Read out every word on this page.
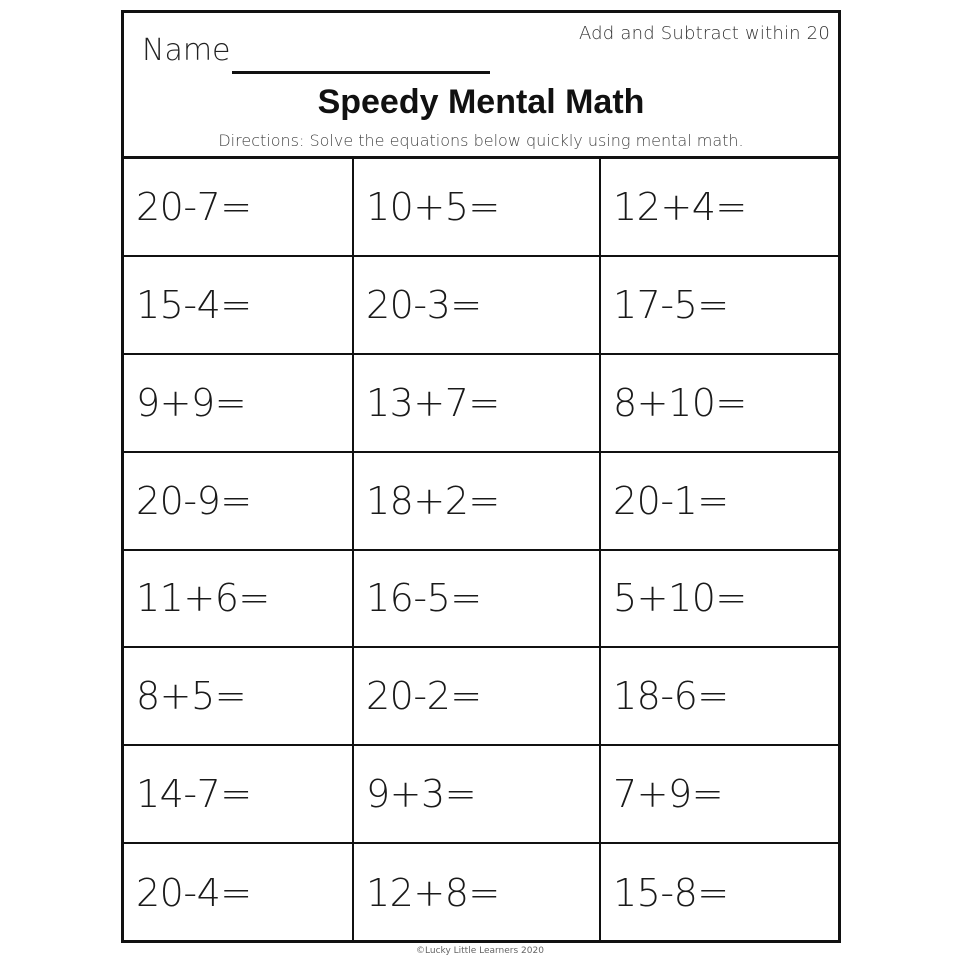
Add and Subtract within 20
Name
Speedy Mental Math
Directions: Solve the equations below quickly using mental math.
20-7=	10+5=	12+4=
15-4=	20-3=	17-5=
9+9=	13+7=	8+10=
20-9=	18+2=	20-1=
11+6=	16-5=	5+10=
8+5=	20-2=	18-6=
14-7=	9+3=	7+9=
20-4=	12+8=	15-8=
©Lucky Little Learners 2020
